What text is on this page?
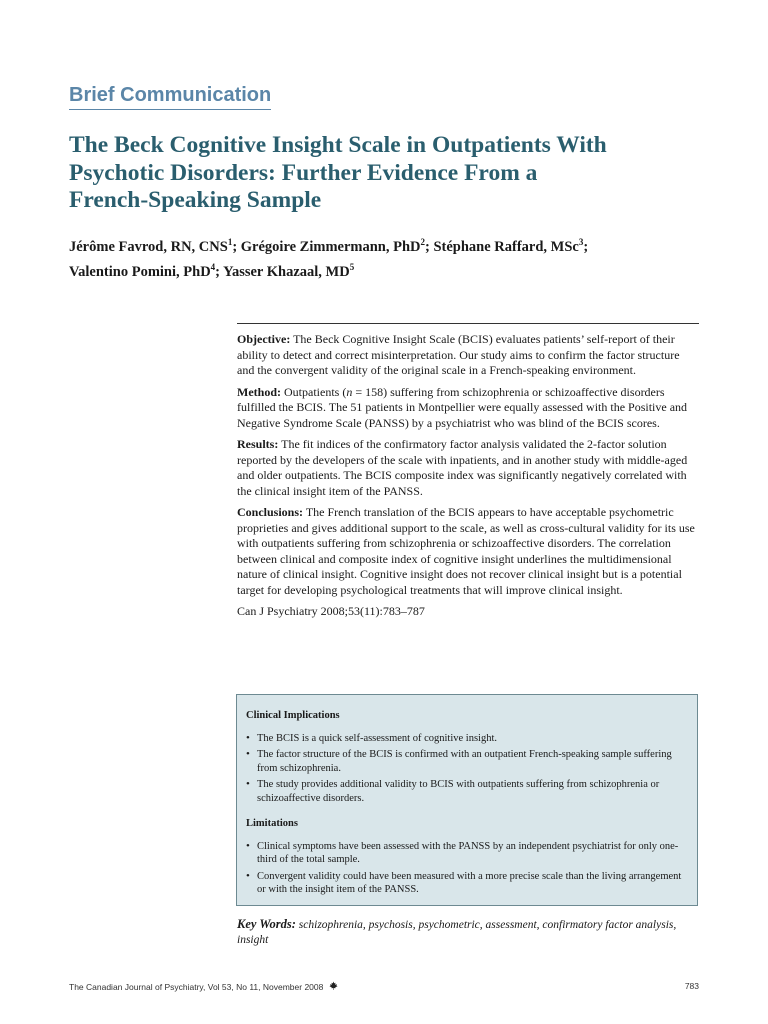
Brief Communication
The Beck Cognitive Insight Scale in Outpatients With
Psychotic Disorders: Further Evidence From a
French-Speaking Sample
Jérôme Favrod, RN, CNS$^1$; Grégoire Zimmermann, PhD$^2$; Stéphane Raffard, MSc$^3$;
Valentino Pomini, PhD$^4$; Yasser Khazaal, $MD^5$

Objective: The Beck Cognitive Insight Scale (BCIS) evaluates patients’ self-report of their ability to detect and correct misinterpretation. Our study aims to confirm the factor structure and the convergent validity of the original scale in a French-speaking environment.

Method: Outpatients (n = 158) suffering from schizophrenia or schizoaffective disorders fulfilled the BCIS. The 51 patients in Montpellier were equally assessed with the Positive and Negative Syndrome Scale (PANSS) by a psychiatrist who was blind of the BCIS scores.

Results: The fit indices of the confirmatory factor analysis validated the 2-factor solution reported by the developers of the scale with inpatients, and in another study with middle-aged and older outpatients. The BCIS composite index was significantly negatively correlated with the clinical insight item of the PANSS.

Conclusions: The French translation of the BCIS appears to have acceptable psychometric proprieties and gives additional support to the scale, as well as cross-cultural validity for its use with outpatients suffering from schizophrenia or schizoaffective disorders. The correlation between clinical and composite index of cognitive insight underlines the multidimensional nature of clinical insight. Cognitive insight does not recover clinical insight but is a potential target for developing psychological treatments that will improve clinical insight.

Can J Psychiatry 2008;53(11):783–787

Clinical Implications
• The BCIS is a quick self-assessment of cognitive insight.
• The factor structure of the BCIS is confirmed with an outpatient French-speaking sample suffering from schizophrenia.
• The study provides additional validity to BCIS with outpatients suffering from schizophrenia or schizoaffective disorders.
Limitations
• Clinical symptoms have been assessed with the PANSS by an independent psychiatrist for only one-third of the total sample.
• Convergent validity could have been measured with a more precise scale than the living arrangement or with the insight item of the PANSS.
Key Words: schizophrenia, psychosis, psychometric, assessment, confirmatory factor analysis, insight
The Canadian Journal of Psychiatry, Vol 53, No 11, November 2008	783
